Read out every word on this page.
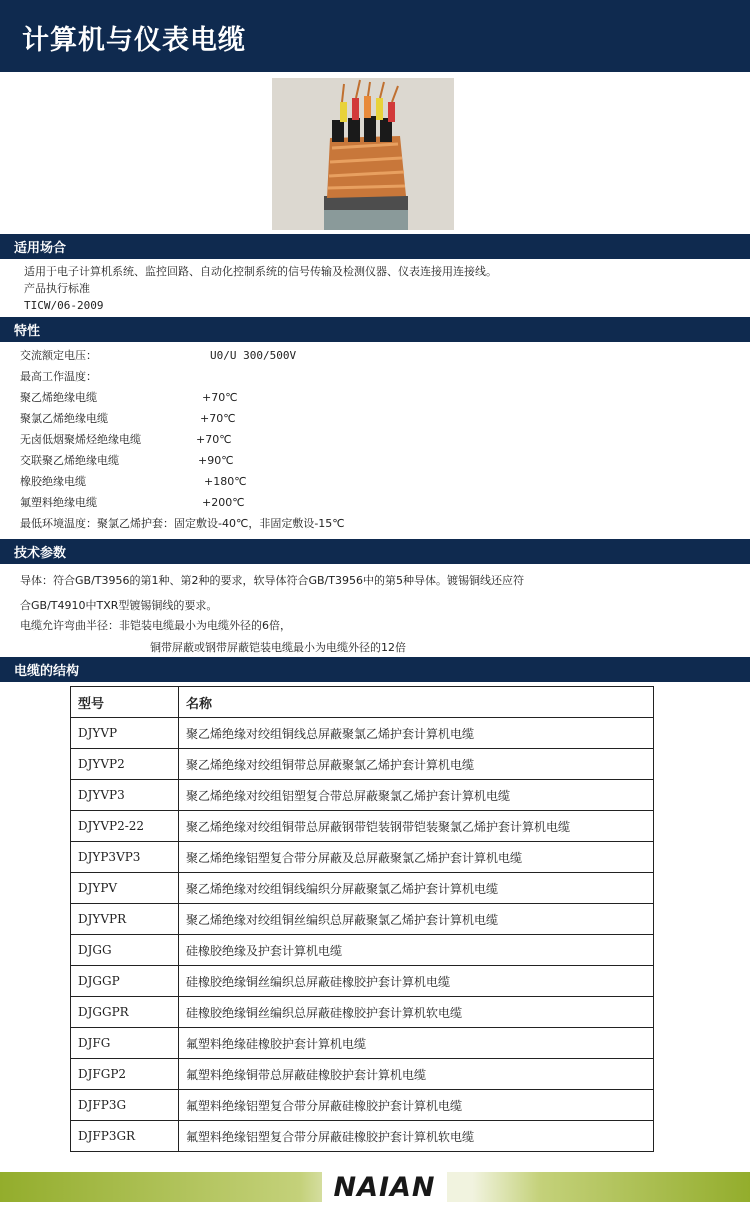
计算机与仪表电缆
适用场合
适用于电子计算机系统、监控回路、自动化控制系统的信号传输及检测仪器、仪表连接用连接线。
产品执行标准
TICW/06-2009
特性
交流额定电压：	U0/U 300/500V
最高工作温度：
聚乙烯绝缘电缆	+70℃
聚氯乙烯绝缘电缆	+70℃
无卤低烟聚烯烃绝缘电缆	+70℃
交联聚乙烯绝缘电缆	+90℃
橡胶绝缘电缆	+180℃
氟塑料绝缘电缆	+200℃
最低环境温度：聚氯乙烯护套：固定敷设-40℃，非固定敷设-15℃
技术参数
导体：符合GB/T3956的第1种、第2种的要求，软导体符合GB/T3956中的第5种导体。镀锡铜线还应符
合GB/T4910中TXR型镀锡铜线的要求。
电缆允许弯曲半径：非铠装电缆最小为电缆外径的6倍，
铜带屏蔽或钢带屏蔽铠装电缆最小为电缆外径的12倍
电缆的结构
型号	名称
DJYVP	聚乙烯绝缘对绞组铜线总屏蔽聚氯乙烯护套计算机电缆
DJYVP2	聚乙烯绝缘对绞组铜带总屏蔽聚氯乙烯护套计算机电缆
DJYVP3	聚乙烯绝缘对绞组铝塑复合带总屏蔽聚氯乙烯护套计算机电缆
DJYVP2-22	聚乙烯绝缘对绞组铜带总屏蔽钢带铠装钢带铠装聚氯乙烯护套计算机电缆
DJYP3VP3	聚乙烯绝缘铝塑复合带分屏蔽及总屏蔽聚氯乙烯护套计算机电缆
DJYPV	聚乙烯绝缘对绞组铜线编织分屏蔽聚氯乙烯护套计算机电缆
DJYVPR	聚乙烯绝缘对绞组铜丝编织总屏蔽聚氯乙烯护套计算机电缆
DJGG	硅橡胶绝缘及护套计算机电缆
DJGGP	硅橡胶绝缘铜丝编织总屏蔽硅橡胶护套计算机电缆
DJGGPR	硅橡胶绝缘铜丝编织总屏蔽硅橡胶护套计算机软电缆
DJFG	氟塑料绝缘硅橡胶护套计算机电缆
DJFGP2	氟塑料绝缘铜带总屏蔽硅橡胶护套计算机电缆
DJFP3G	氟塑料绝缘铝塑复合带分屏蔽硅橡胶护套计算机电缆
DJFP3GR	氟塑料绝缘铝塑复合带分屏蔽硅橡胶护套计算机软电缆
NAIAN
